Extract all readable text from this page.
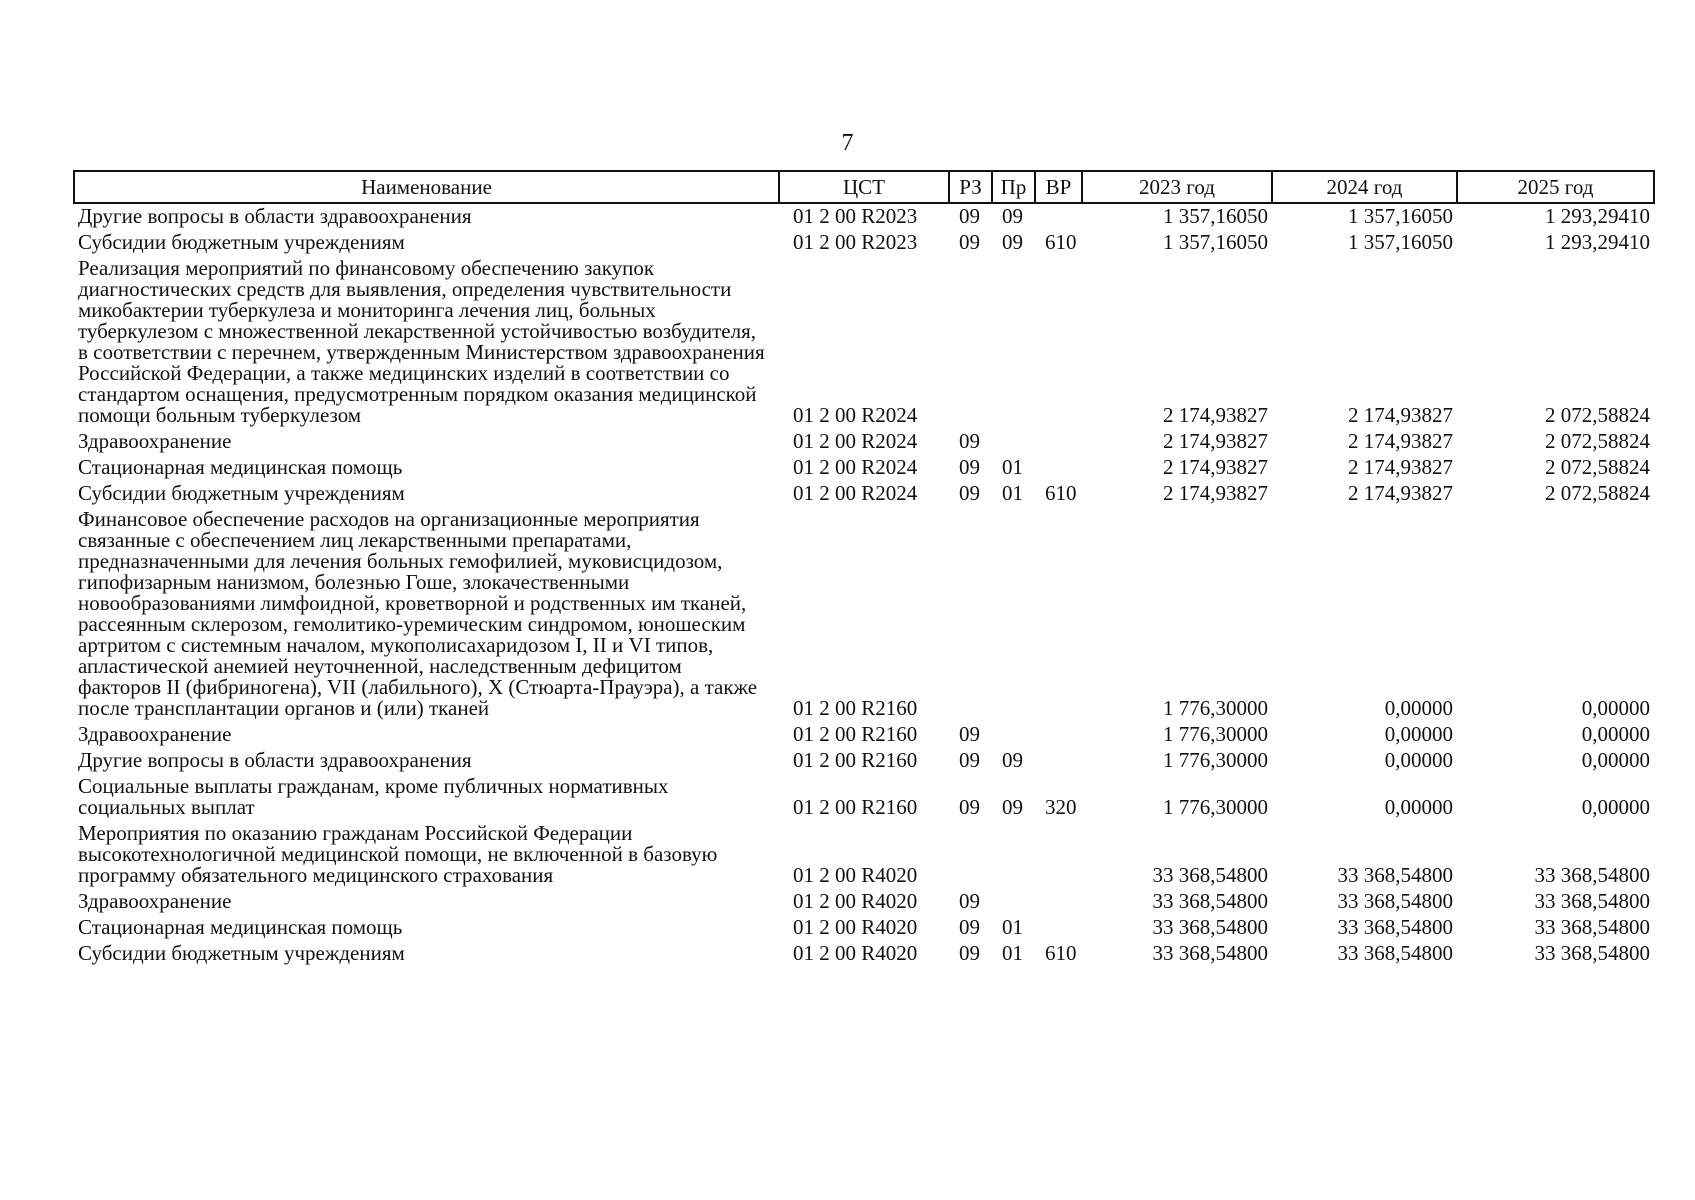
7
Наименование	ЦСТ	РЗ	Пр	ВР	2023 год	2024 год	2025 год
Другие вопросы в области здравоохранения	01 2 00 R2023	09	09		1 357,16050	1 357,16050	1 293,29410
Субсидии бюджетным учреждениям	01 2 00 R2023	09	09	610	1 357,16050	1 357,16050	1 293,29410
Реализация мероприятий по финансовому обеспечению закупок диагностических средств для выявления, определения чувствительности микобактерии туберкулеза и мониторинга лечения лиц, больных туберкулезом с множественной лекарственной устойчивостью возбудителя, в соответствии с перечнем, утвержденным Министерством здравоохранения Российской Федерации, а также медицинских изделий в соответствии со стандартом оснащения, предусмотренным порядком оказания медицинской помощи больным туберкулезом	01 2 00 R2024				2 174,93827	2 174,93827	2 072,58824
Здравоохранение	01 2 00 R2024	09			2 174,93827	2 174,93827	2 072,58824
Стационарная медицинская помощь	01 2 00 R2024	09	01		2 174,93827	2 174,93827	2 072,58824
Субсидии бюджетным учреждениям	01 2 00 R2024	09	01	610	2 174,93827	2 174,93827	2 072,58824
Финансовое обеспечение расходов на организационные мероприятия связанные с обеспечением лиц лекарственными препаратами, предназначенными для лечения больных гемофилией, муковисцидозом, гипофизарным нанизмом, болезнью Гоше, злокачественными новообразованиями лимфоидной, кроветворной и родственных им тканей, рассеянным склерозом, гемолитико-уремическим синдромом, юношеским артритом с системным началом, мукополисахаридозом I, II и VI типов, апластической анемией неуточненной, наследственным дефицитом факторов II (фибриногена), VII (лабильного), X (Стюарта-Прауэра), а также после трансплантации органов и (или) тканей	01 2 00 R2160				1 776,30000	0,00000	0,00000
Здравоохранение	01 2 00 R2160	09			1 776,30000	0,00000	0,00000
Другие вопросы в области здравоохранения	01 2 00 R2160	09	09		1 776,30000	0,00000	0,00000
Социальные выплаты гражданам, кроме публичных нормативных социальных выплат	01 2 00 R2160	09	09	320	1 776,30000	0,00000	0,00000
Мероприятия по оказанию гражданам Российской Федерации высокотехнологичной медицинской помощи, не включенной в базовую программу обязательного медицинского страхования	01 2 00 R4020				33 368,54800	33 368,54800	33 368,54800
Здравоохранение	01 2 00 R4020	09			33 368,54800	33 368,54800	33 368,54800
Стационарная медицинская помощь	01 2 00 R4020	09	01		33 368,54800	33 368,54800	33 368,54800
Субсидии бюджетным учреждениям	01 2 00 R4020	09	01	610	33 368,54800	33 368,54800	33 368,54800
